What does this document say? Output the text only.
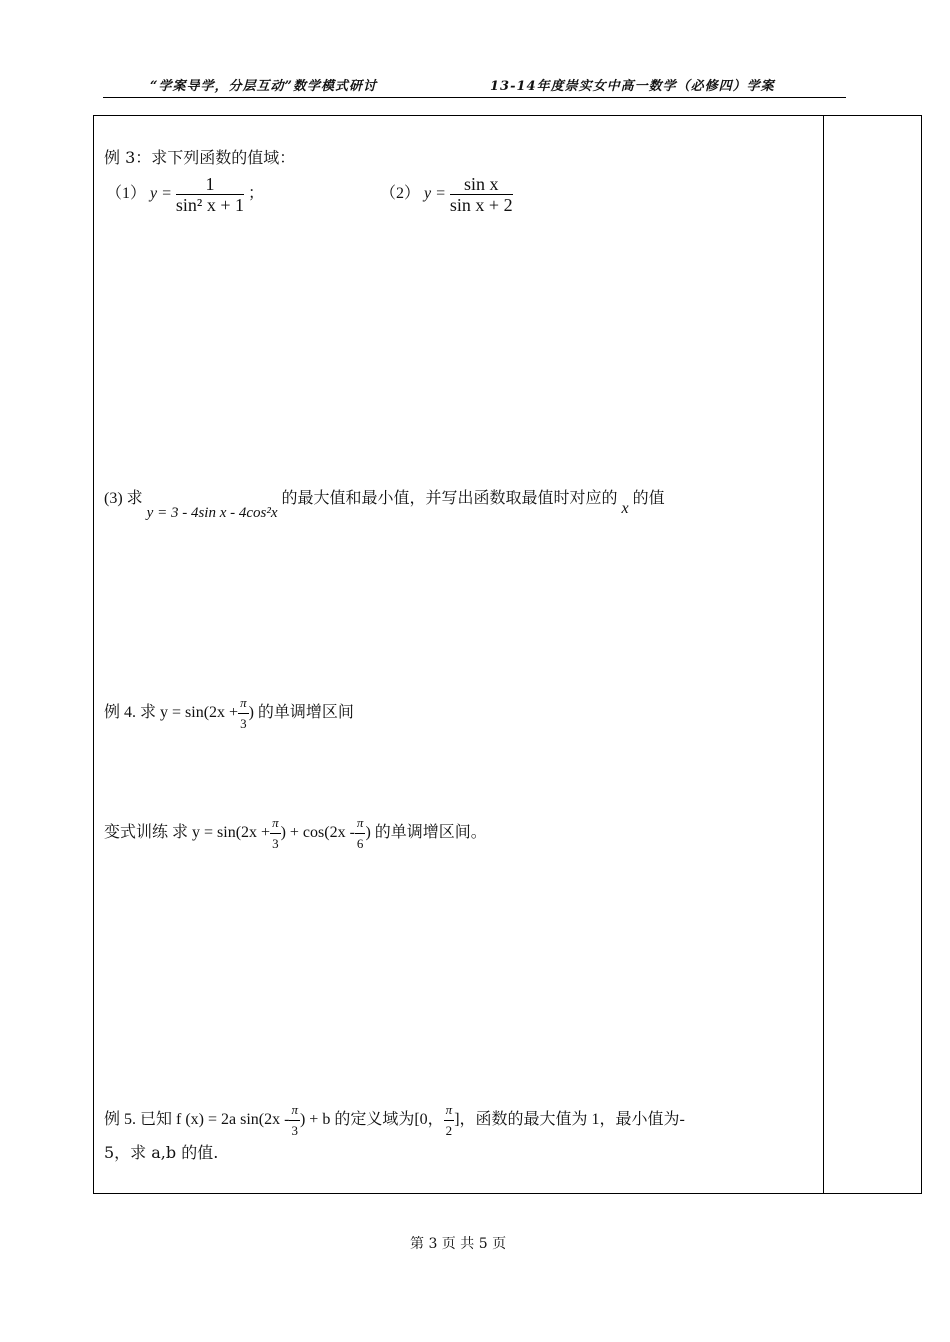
“学案导学，分层互动”数学模式研讨	13-14年度崇实女中高一数学（必修四）学案
例 3：求下列函数的值域：
（1） $y = \frac{1}{\text{sin² x + 1}}$ ；	（2） $y = \frac{\text{sin x}}{\text{sin x + 2}}$
(3) 求 y = 3 - 4sin x - 4cos²x 的最大值和最小值，并写出函数取最值时对应的 x 的值
例 4. 求 $y = \sin(2x + \frac{\pi}{3}$ ) 的单调增区间
变式训练 求 $y = \sin(2x + \frac{\pi}{3}$ ) + $\cos(2x - \frac{\pi}{6}$ ) 的单调增区间。
例 5. 已知 f (x) = 2a $\sin(2x - \frac{\pi}{3}$ ) + b 的定义域为[0， $\frac{\pi}{2}$ ]，函数的最大值为 1，最小值为-
5，求 a,b 的值.
第 3 页 共 5 页
